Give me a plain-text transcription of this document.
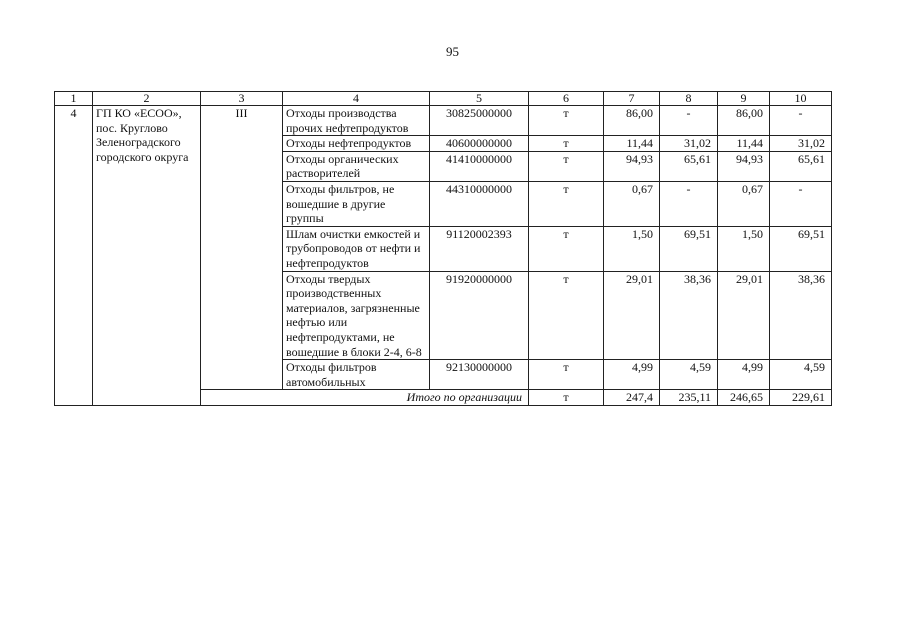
95
1	2	3	4	5	6	7	8	9	10
4	ГП КО «ЕСОО», пос. Круглово Зеленоградского городского округа	III	Отходы производства прочих нефтепродуктов	30825000000	т	86,00	-	86,00	-
			Отходы нефтепродуктов	40600000000	т	11,44	31,02	11,44	31,02
			Отходы органических растворителей	41410000000	т	94,93	65,61	94,93	65,61
			Отходы фильтров, не вошедшие в другие группы	44310000000	т	0,67	-	0,67	-
			Шлам очистки емкостей и трубопроводов от нефти и нефтепродуктов	91120002393	т	1,50	69,51	1,50	69,51
			Отходы твердых производственных материалов, загрязненные нефтью или нефтепродуктами, не вошедшие в блоки 2-4, 6-8	91920000000	т	29,01	38,36	29,01	38,36
			Отходы фильтров автомобильных	92130000000	т	4,99	4,59	4,99	4,59
		Итого по организации			т	247,4	235,11	246,65	229,61
